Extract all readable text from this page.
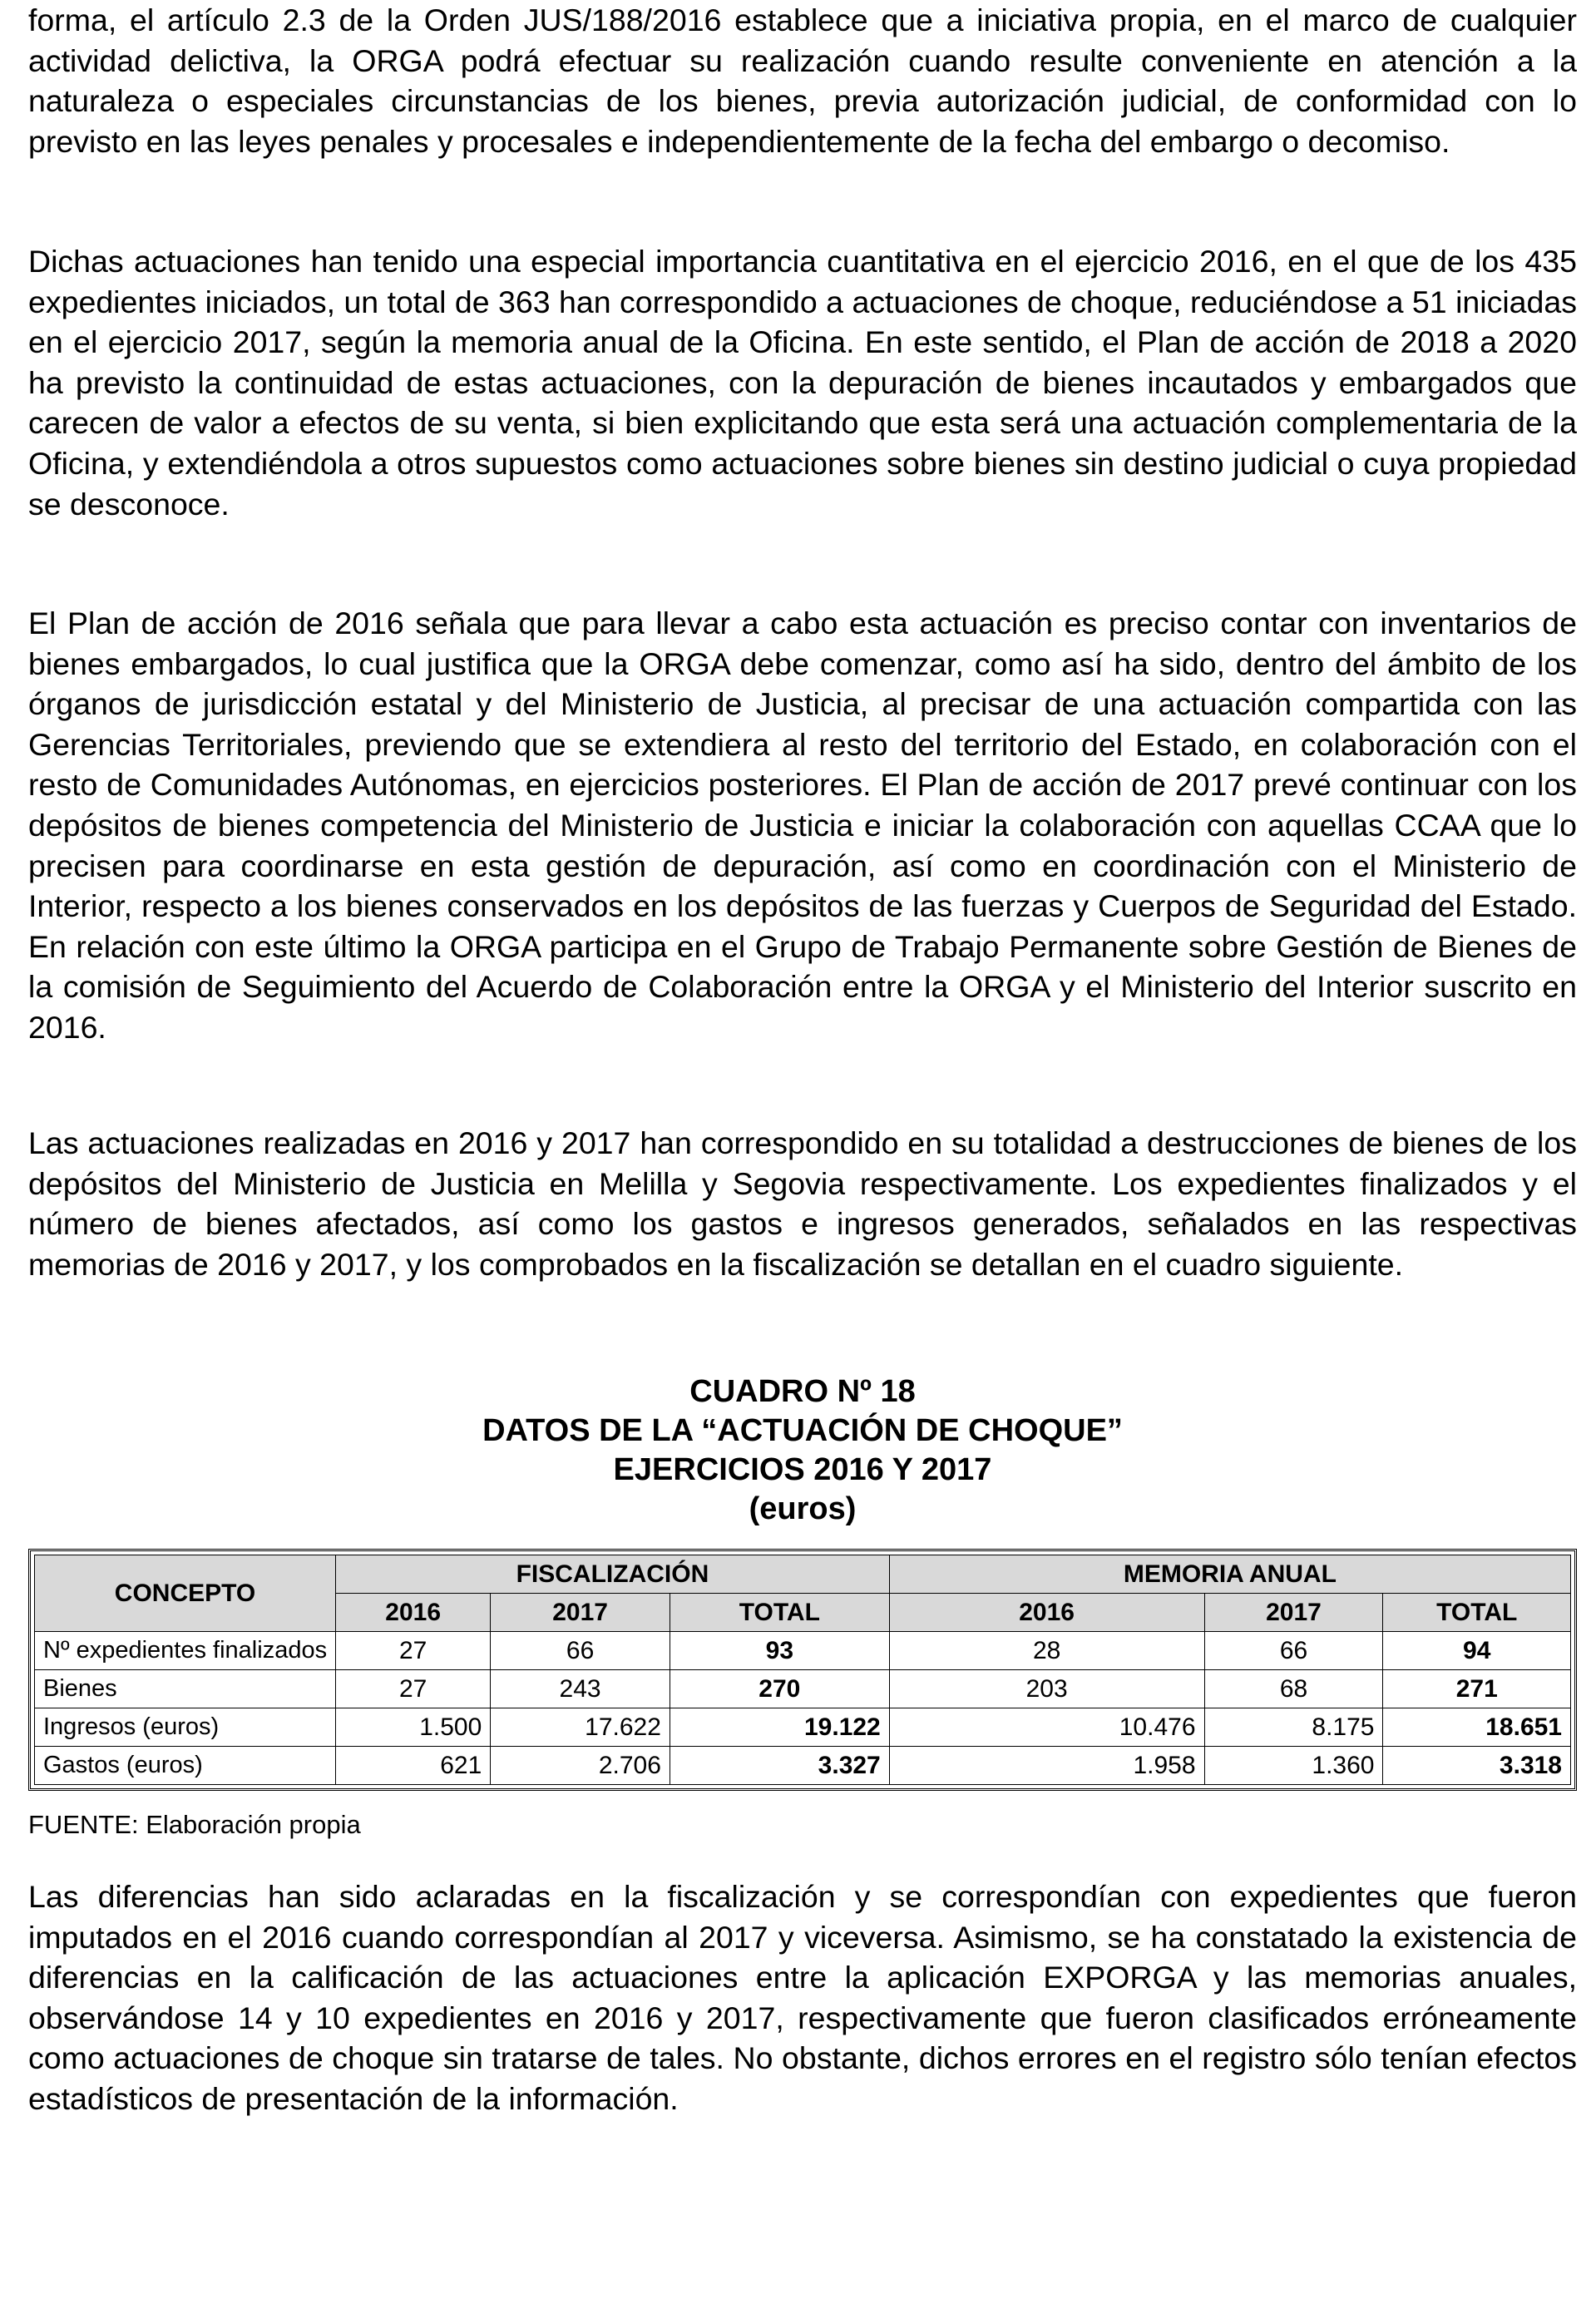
forma, el artículo 2.3 de la Orden JUS/188/2016 establece que a iniciativa propia, en el marco de cualquier actividad delictiva, la ORGA podrá efectuar su realización cuando resulte conveniente en atención a la naturaleza o especiales circunstancias de los bienes, previa autorización judicial, de conformidad con lo previsto en las leyes penales y procesales e independientemente de la fecha del embargo o decomiso.

Dichas actuaciones han tenido una especial importancia cuantitativa en el ejercicio 2016, en el que de los 435 expedientes iniciados, un total de 363 han correspondido a actuaciones de choque, reduciéndose a 51 iniciadas en el ejercicio 2017, según la memoria anual de la Oficina. En este sentido, el Plan de acción de 2018 a 2020 ha previsto la continuidad de estas actuaciones, con la depuración de bienes incautados y embargados que carecen de valor a efectos de su venta, si bien explicitando que esta será una actuación complementaria de la Oficina, y extendiéndola a otros supuestos como actuaciones sobre bienes sin destino judicial o cuya propiedad se desconoce.

El Plan de acción de 2016 señala que para llevar a cabo esta actuación es preciso contar con inventarios de bienes embargados, lo cual justifica que la ORGA debe comenzar, como así ha sido, dentro del ámbito de los órganos de jurisdicción estatal y del Ministerio de Justicia, al precisar de una actuación compartida con las Gerencias Territoriales, previendo que se extendiera al resto del territorio del Estado, en colaboración con el resto de Comunidades Autónomas, en ejercicios posteriores. El Plan de acción de 2017 prevé continuar con los depósitos de bienes competencia del Ministerio de Justicia e iniciar la colaboración con aquellas CCAA que lo precisen para coordinarse en esta gestión de depuración, así como en coordinación con el Ministerio de Interior, respecto a los bienes conservados en los depósitos de las fuerzas y Cuerpos de Seguridad del Estado. En relación con este último la ORGA participa en el Grupo de Trabajo Permanente sobre Gestión de Bienes de la comisión de Seguimiento del Acuerdo de Colaboración entre la ORGA y el Ministerio del Interior suscrito en 2016.

Las actuaciones realizadas en 2016 y 2017 han correspondido en su totalidad a destrucciones de bienes de los depósitos del Ministerio de Justicia en Melilla y Segovia respectivamente. Los expedientes finalizados y el número de bienes afectados, así como los gastos e ingresos generados, señalados en las respectivas memorias de 2016 y 2017, y los comprobados en la fiscalización se detallan en el cuadro siguiente.

CUADRO Nº 18
DATOS DE LA “ACTUACIÓN DE CHOQUE”
EJERCICIOS 2016 Y 2017
(euros)
CONCEPTO	FISCALIZACIÓN			MEMORIA ANUAL		
	2016	2017	TOTAL	2016	2017	TOTAL
Nº expedientes finalizados	27	66	93	28	66	94
Bienes	27	243	270	203	68	271
Ingresos (euros)	1.500	17.622	19.122	10.476	8.175	18.651
Gastos (euros)	621	2.706	3.327	1.958	1.360	3.318
FUENTE: Elaboración propia

Las diferencias han sido aclaradas en la fiscalización y se correspondían con expedientes que fueron imputados en el 2016 cuando correspondían al 2017 y viceversa. Asimismo, se ha constatado la existencia de diferencias en la calificación de las actuaciones entre la aplicación EXPORGA y las memorias anuales, observándose 14 y 10 expedientes en 2016 y 2017, respectivamente que fueron clasificados erróneamente como actuaciones de choque sin tratarse de tales. No obstante, dichos errores en el registro sólo tenían efectos estadísticos de presentación de la información.
